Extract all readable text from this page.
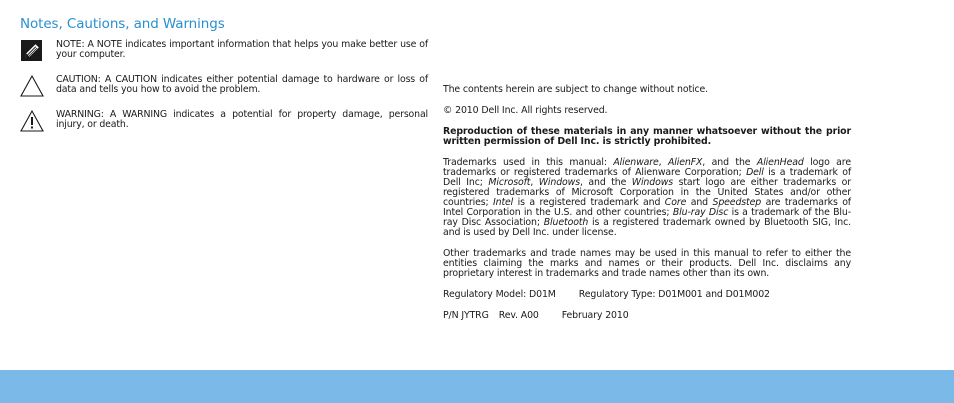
Notes, Cautions, and Warnings
NOTE: A NOTE indicates important information that helps you make better use of your computer.
CAUTION: A CAUTION indicates either potential damage to hardware or loss of data and tells you how to avoid the problem.
WARNING: A WARNING indicates a potential for property damage, personal injury, or death.

The contents herein are subject to change without notice.

© 2010 Dell Inc. All rights reserved.

Reproduction of these materials in any manner whatsoever without the prior written permission of Dell Inc. is strictly prohibited.

Trademarks used in this manual: Alienware, AlienFX, and the AlienHead logo are trademarks or registered trademarks of Alienware Corporation; Dell is a trademark of Dell Inc; Microsoft, Windows, and the Windows start logo are either trademarks or registered trademarks of Microsoft Corporation in the United States and/or other countries; Intel is a registered trademark and Core and Speedstep are trademarks of Intel Corporation in the U.S. and other countries; Blu-ray Disc is a trademark of the Blu-ray Disc Association; Bluetooth is a registered trademark owned by Bluetooth SIG, Inc. and is used by Dell Inc. under license.

Other trademarks and trade names may be used in this manual to refer to either the entities claiming the marks and names or their products. Dell Inc. disclaims any proprietary interest in trademarks and trade names other than its own.

Regulatory Model: D01M Regulatory Type: D01M001 and D01M002
P/N JYTRG Rev. A00 February 2010
